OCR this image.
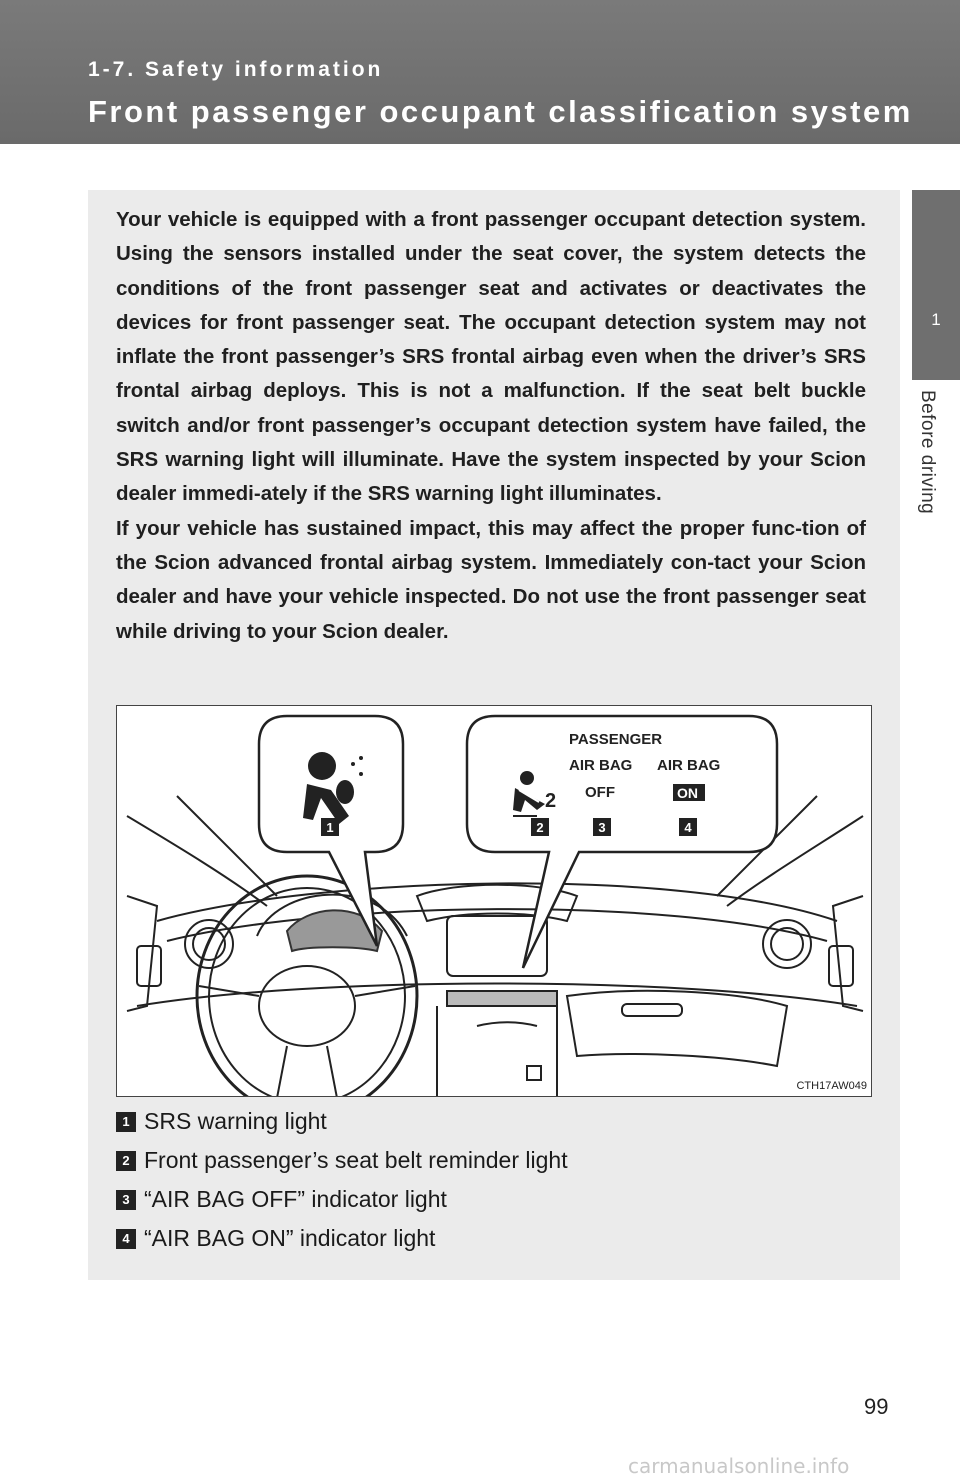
1-7. Safety information
Front passenger occupant classification system
1
Before driving

Your vehicle is equipped with a front passenger occupant detection system. Using the sensors installed under the seat cover, the system detects the conditions of the front passenger seat and activates or deactivates the devices for front passenger seat. The occupant detection system may not inflate the front passenger’s SRS frontal airbag even when the driver’s SRS frontal airbag deploys. This is not a malfunction. If the seat belt buckle switch and/or front passenger’s occupant detection system have failed, the SRS warning light will illuminate. Have the system inspected by your Scion dealer immedi-ately if the SRS warning light illuminates.

If your vehicle has sustained impact, this may affect the proper func-tion of the Scion advanced frontal airbag system. Immediately con-tact your Scion dealer and have your vehicle inspected. Do not use the front passenger seat while driving to your Scion dealer.

2
PASSENGER
AIR BAG AIR BAG
OFF	ON
1	2	3	4
CTH17AW049
1 SRS warning light
2 Front passenger’s seat belt reminder light
3 “AIR BAG OFF” indicator light
4 “AIR BAG ON” indicator light
99
carmanualsonline.info
